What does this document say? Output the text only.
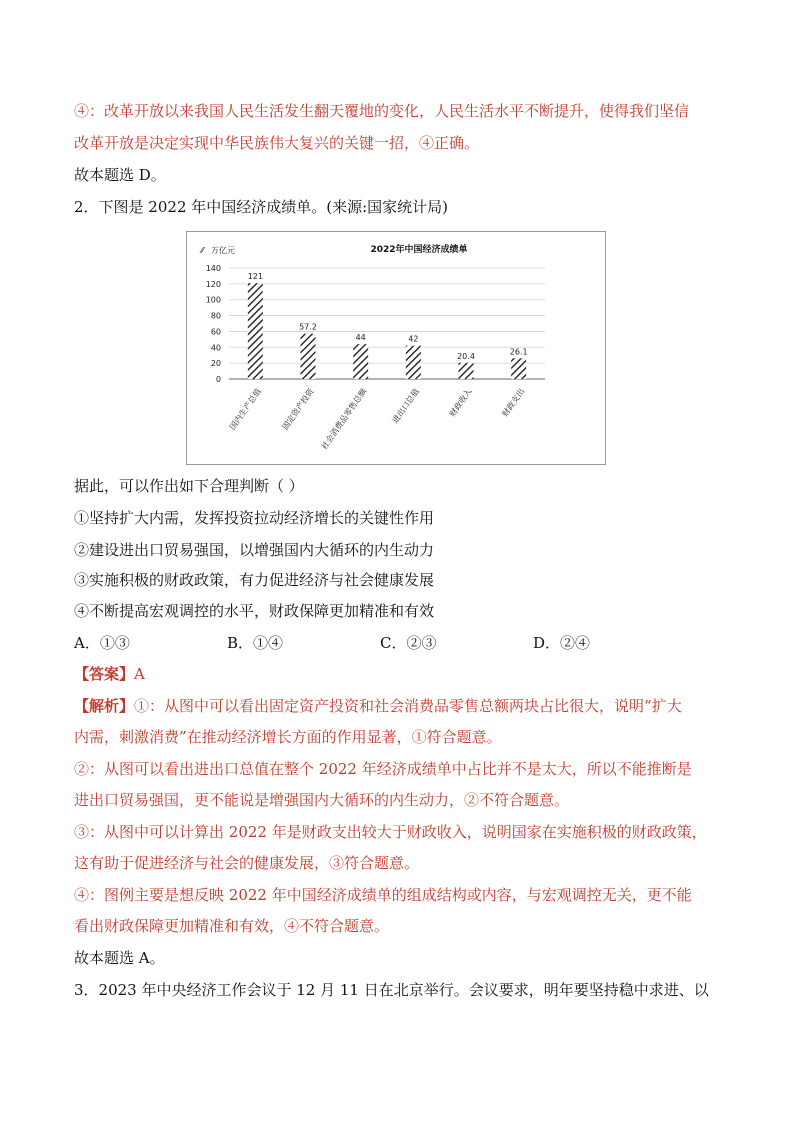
④：改革开放以来我国人民生活发生翻天覆地的变化，人民生活水平不断提升，使得我们坚信
改革开放是决定实现中华民族伟大复兴的关键一招，④正确。
故本题选 D。
2．下图是 2022 年中国经济成绩单。(来源:国家统计局)
0
20
40
60
80
100
120
140
121
国内生产总值
57.2
固定资产投资
44
社会消费品零售总额
42
进出口总值
20.4
财政收入
26.1
财政支出
2022年中国经济成绩单
⁄⁄ 万亿元
据此，可以作出如下合理判断（ ）
①坚持扩大内需，发挥投资拉动经济增长的关键性作用
②建设进出口贸易强国，以增强国内大循环的内生动力
③实施积极的财政政策，有力促进经济与社会健康发展
④不断提高宏观调控的水平，财政保障更加精准和有效
A．①③	B．①④	C．②③	D．②④
【答案】A
【解析】①：从图中可以看出固定资产投资和社会消费品零售总额两块占比很大，说明“扩大
内需，刺激消费”在推动经济增长方面的作用显著，①符合题意。
②：从图可以看出进出口总值在整个 2022 年经济成绩单中占比并不是太大，所以不能推断是
进出口贸易强国，更不能说是增强国内大循环的内生动力，②不符合题意。
③：从图中可以计算出 2022 年是财政支出较大于财政收入，说明国家在实施积极的财政政策，
这有助于促进经济与社会的健康发展，③符合题意。
④：图例主要是想反映 2022 年中国经济成绩单的组成结构或内容，与宏观调控无关，更不能
看出财政保障更加精准和有效，④不符合题意。
故本题选 A。
3．2023 年中央经济工作会议于 12 月 11 日在北京举行。会议要求，明年要坚持稳中求进、以
